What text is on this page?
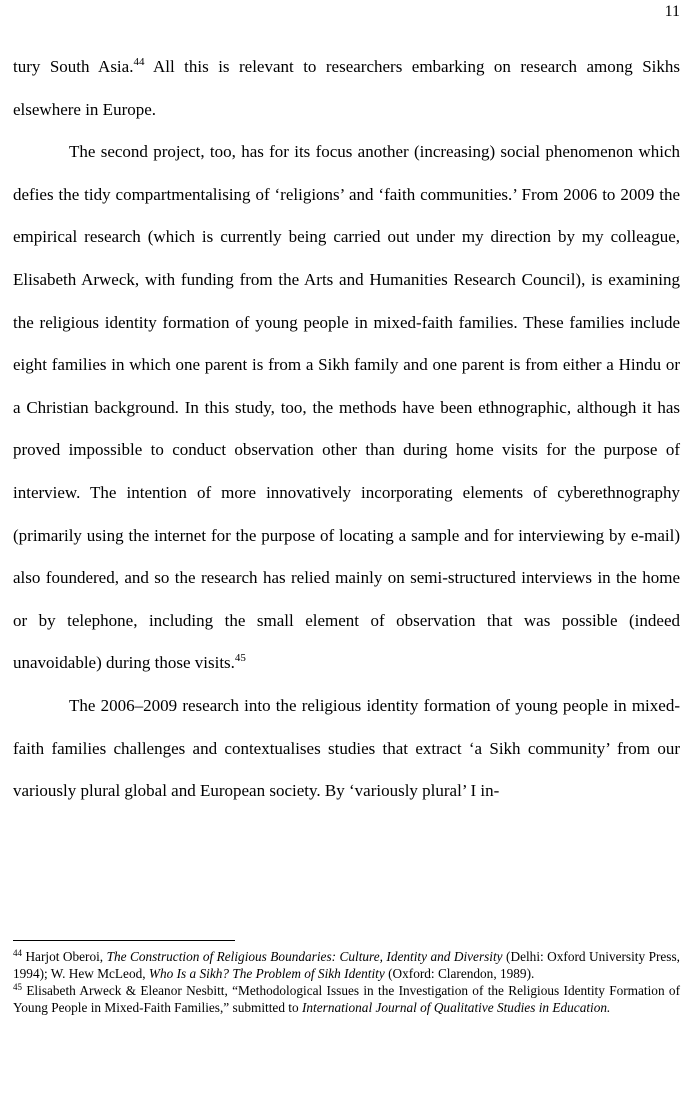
11

tury South Asia.$^{44}$ All this is relevant to researchers embarking on research among Sikhs elsewhere in Europe.

The second project, too, has for its focus another (increasing) social phenomenon which defies the tidy compartmentalising of ‘religions’ and ‘faith communities.’ From 2006 to 2009 the empirical research (which is currently being carried out under my direction by my colleague, Elisabeth Arweck, with funding from the Arts and Humanities Research Council), is examining the religious identity formation of young people in mixed-faith families. These families include eight families in which one parent is from a Sikh family and one parent is from either a Hindu or a Christian background. In this study, too, the methods have been ethnographic, although it has proved impossible to conduct observation other than during home visits for the purpose of interview. The intention of more innovatively incorporating elements of cyberethnography (primarily using the internet for the purpose of locating a sample and for interviewing by e-mail) also foundered, and so the research has relied mainly on semi-structured interviews in the home or by telephone, including the small element of observation that was possible (indeed unavoidable) during those visits.$^{45}$

The 2006–2009 research into the religious identity formation of young people in mixed-faith families challenges and contextualises studies that extract ‘a Sikh community’ from our variously plural global and European society. By ‘variously plural’ I in-

$^{44}$ Harjot Oberoi, The Construction of Religious Boundaries: Culture, Identity and Diversity (Delhi: Oxford University Press, 1994); W. Hew McLeod, Who Is a Sikh? The Problem of Sikh Identity (Oxford: Clarendon, 1989).

$^{45}$ Elisabeth Arweck & Eleanor Nesbitt, “Methodological Issues in the Investigation of the Religious Identity Formation of Young People in Mixed-Faith Families,” submitted to International Journal of Qualitative Studies in Education.
